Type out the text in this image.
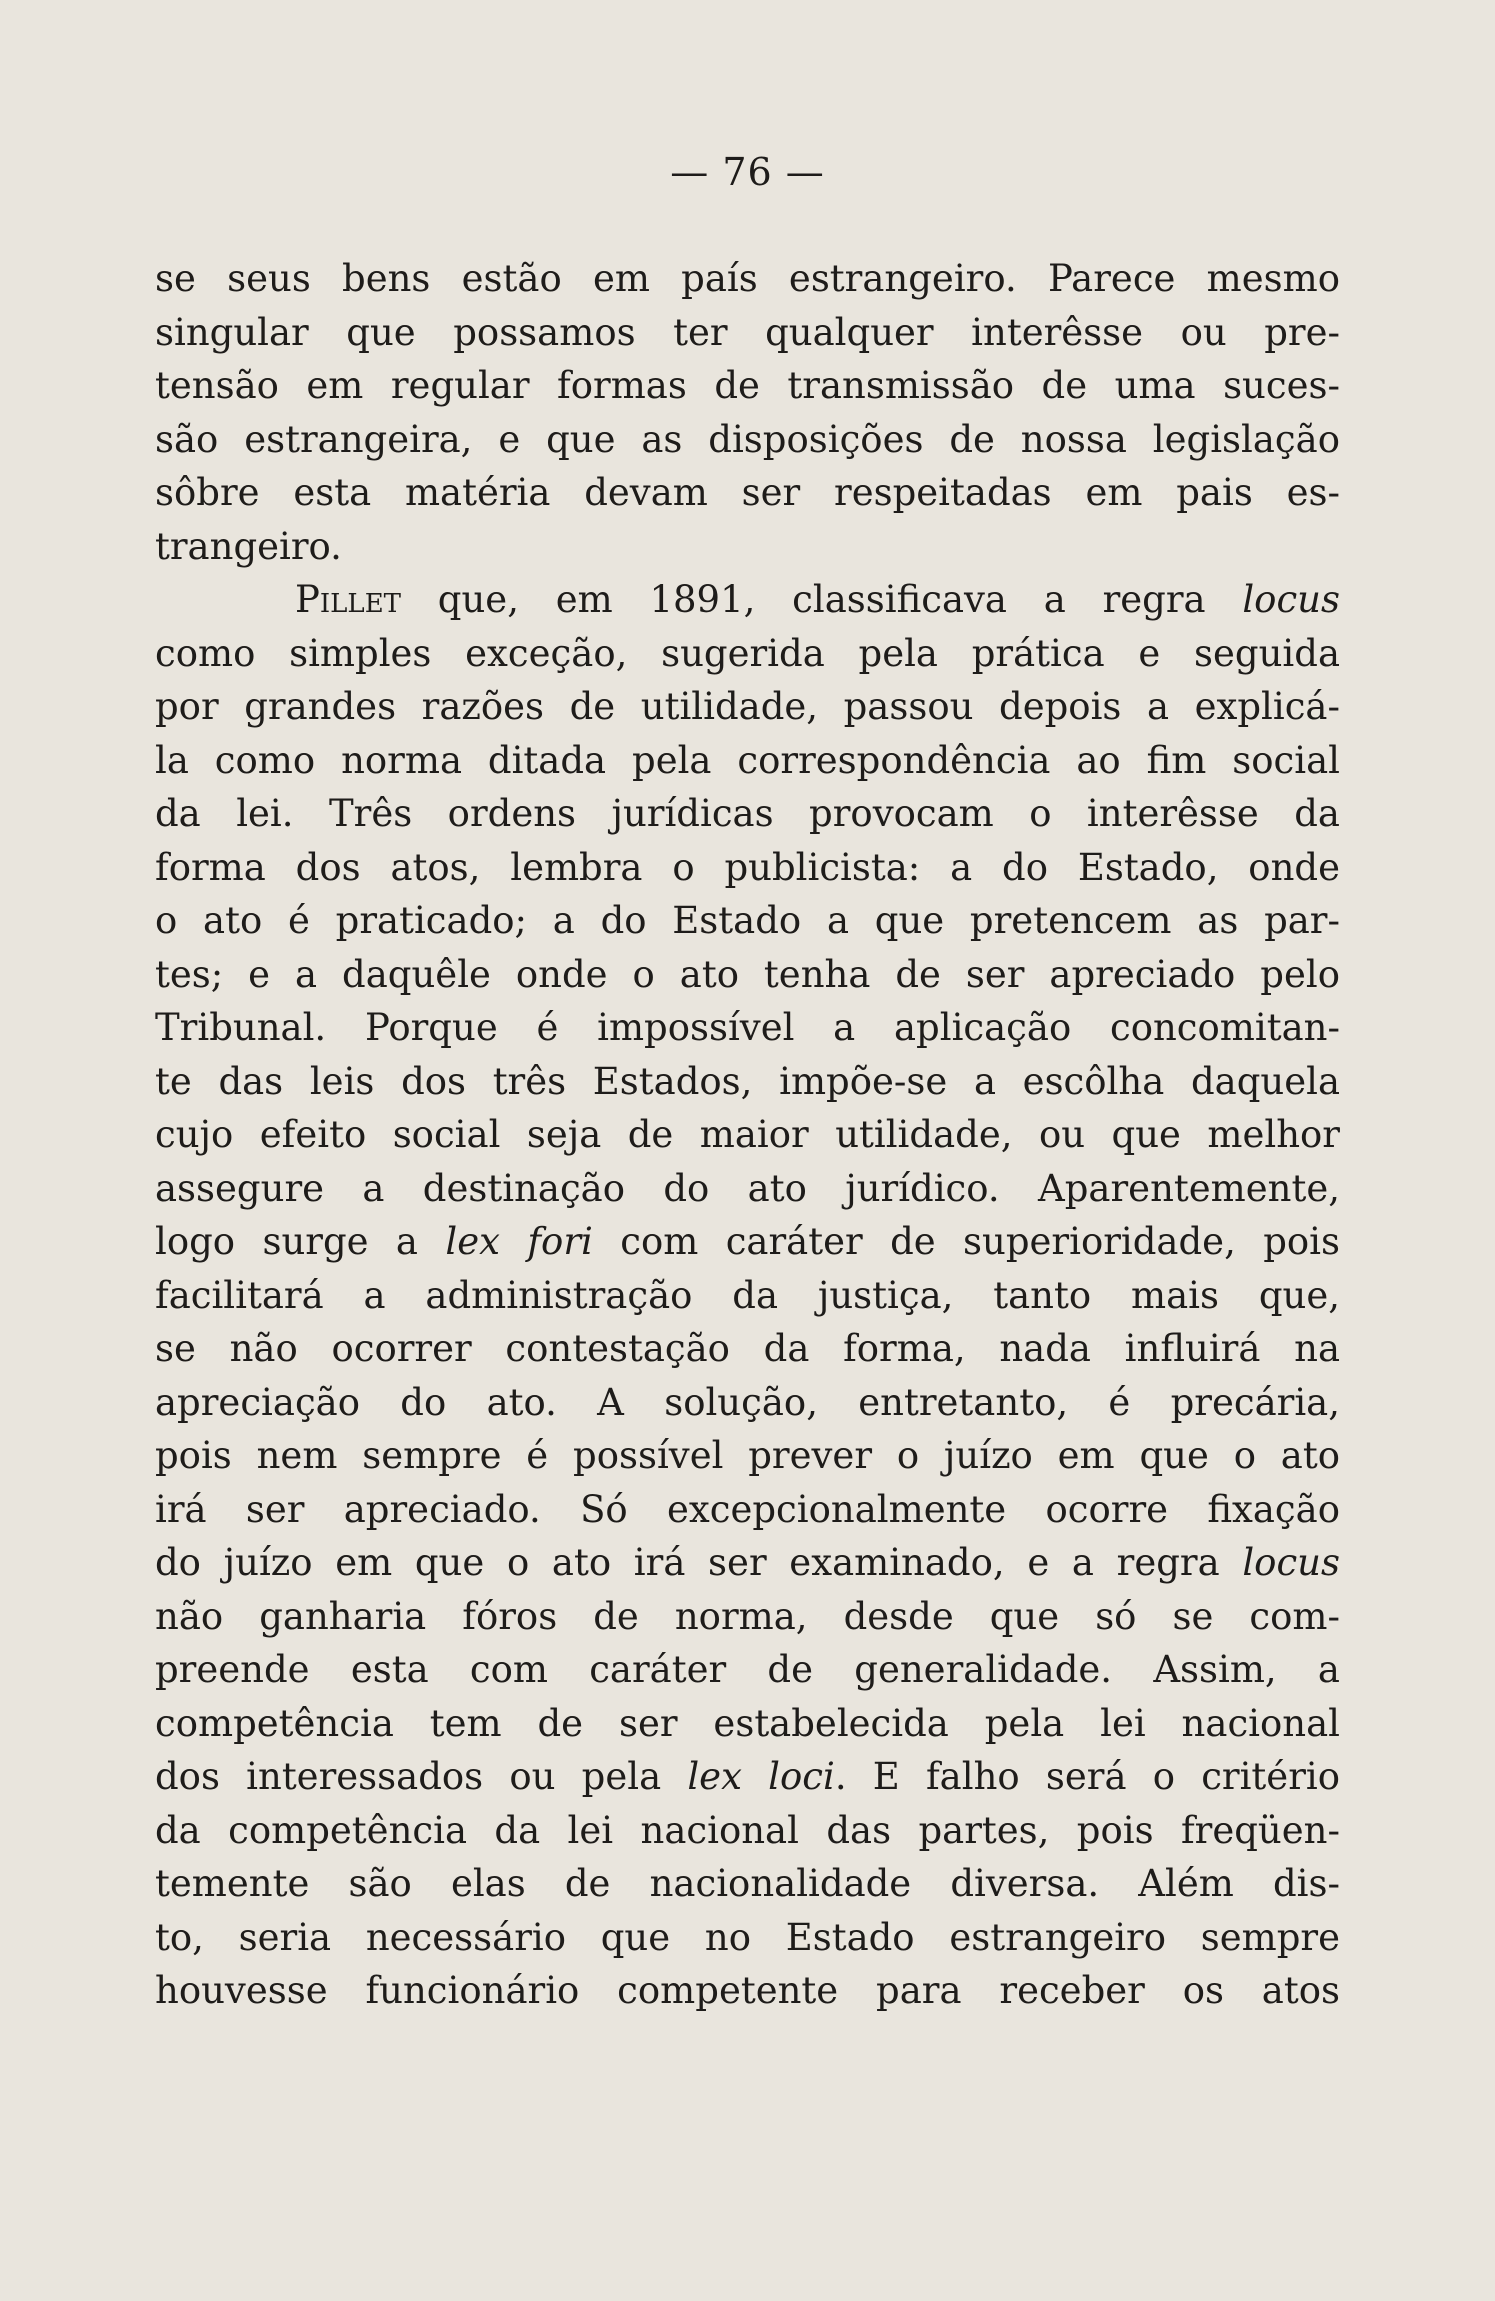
— 76 —
se seus bens estão em país estrangeiro. Parece mesmo
singular que possamos ter qualquer interêsse ou pre-
tensão em regular formas de transmissão de uma suces-
são estrangeira, e que as disposições de nossa legislação
sôbre esta matéria devam ser respeitadas em pais es-
trangeiro.
Pillet que, em 1891, classificava a regra locus
como simples exceção, sugerida pela prática e seguida
por grandes razões de utilidade, passou depois a explicá-
la como norma ditada pela correspondência ao fim social
da lei. Três ordens jurídicas provocam o interêsse da
forma dos atos, lembra o publicista: a do Estado, onde
o ato é praticado; a do Estado a que pretencem as par-
tes; e a daquêle onde o ato tenha de ser apreciado pelo
Tribunal. Porque é impossível a aplicação concomitan-
te das leis dos três Estados, impõe-se a escôlha daquela
cujo efeito social seja de maior utilidade, ou que melhor
assegure a destinação do ato jurídico. Aparentemente,
logo surge a lex fori com caráter de superioridade, pois
facilitará a administração da justiça, tanto mais que,
se não ocorrer contestação da forma, nada influirá na
apreciação do ato. A solução, entretanto, é precária,
pois nem sempre é possível prever o juízo em que o ato
irá ser apreciado. Só excepcionalmente ocorre fixação
do juízo em que o ato irá ser examinado, e a regra locus
não ganharia fóros de norma, desde que só se com-
preende esta com caráter de generalidade. Assim, a
competência tem de ser estabelecida pela lei nacional
dos interessados ou pela lex loci. E falho será o critério
da competência da lei nacional das partes, pois freqüen-
temente são elas de nacionalidade diversa. Além dis-
to, seria necessário que no Estado estrangeiro sempre
houvesse funcionário competente para receber os atos
